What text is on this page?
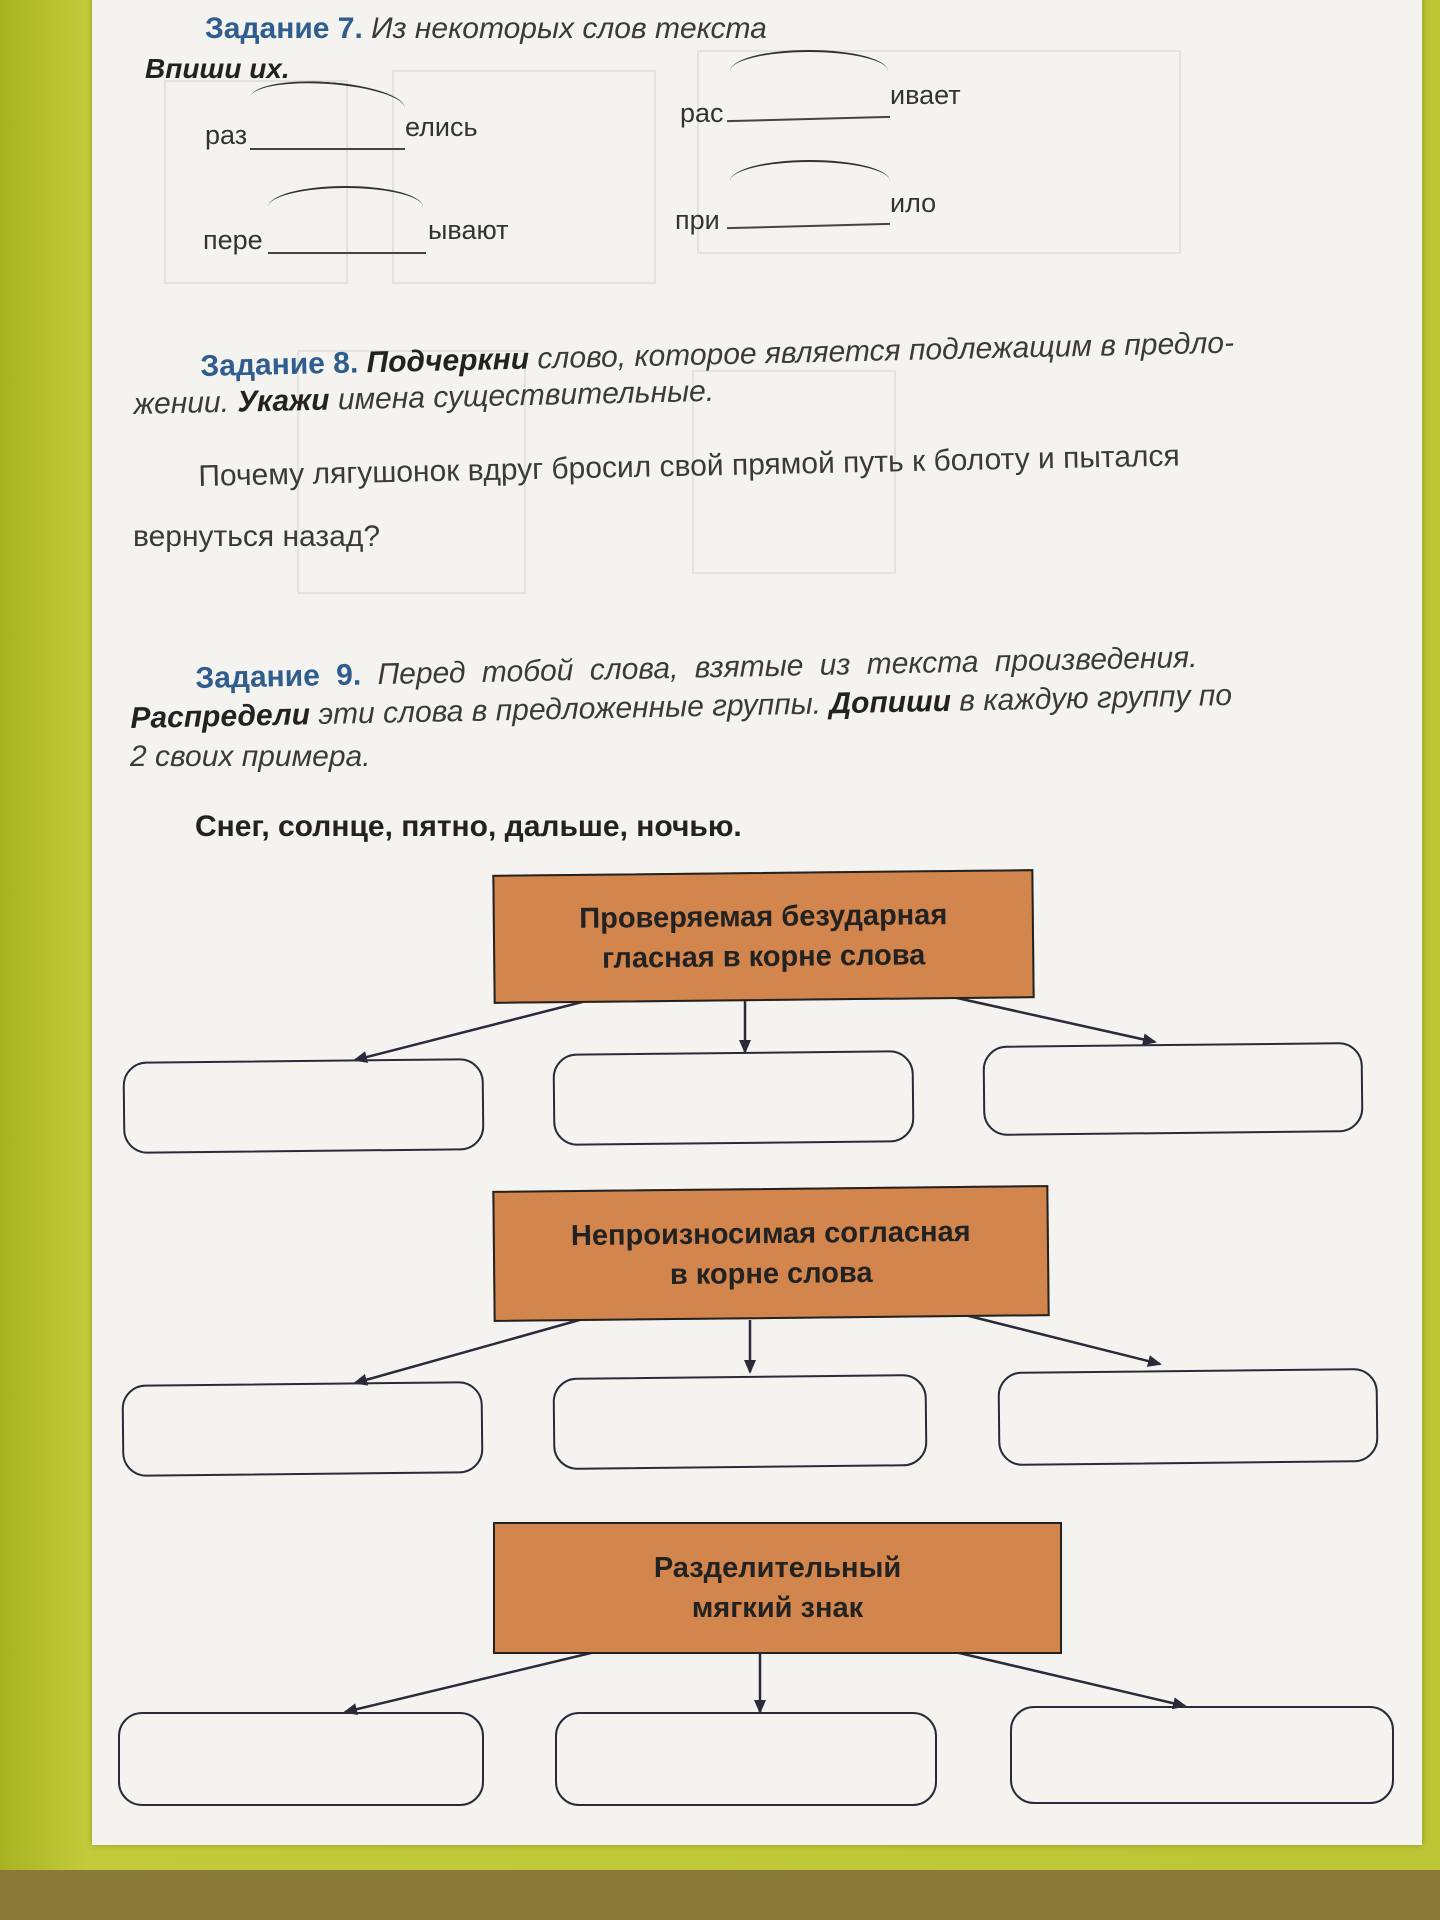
Задание 7. Из некоторых слов текста
Впиши их.
раз	елись
пере	ывают
рас
ивает
при
ило
Задание 8. Подчеркни слово, которое является подлежащим в предло-
жении. Укажи имена существительные.
Почему лягушонок вдруг бросил свой прямой путь к болоту и пытался
вернуться назад?
Задание 9. Перед тобой слова, взятые из текста произведения.
Распредели эти слова в предложенные группы. Допиши в каждую группу по
2 своих примера.
Снег, солнце, пятно, дальше, ночью.
Проверяемая безударная
гласная в корне слова
Непроизносимая согласная
в корне слова
Разделительный
мягкий знак
